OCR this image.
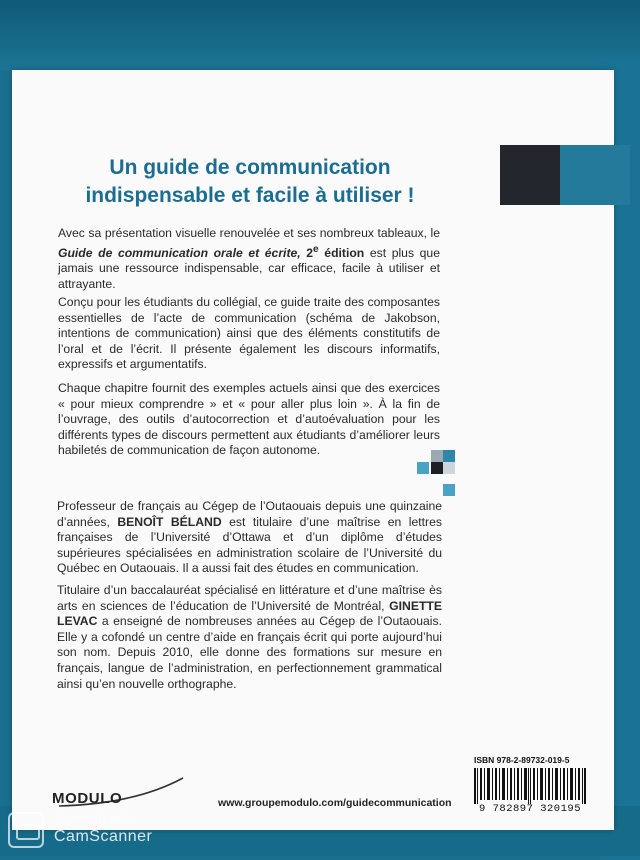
Un guide de communication
indispensable et facile à utiliser !

Avec sa présentation visuelle renouvelée et ses nombreux tableaux, le Guide de communication orale et écrite, 2e édition est plus que jamais une ressource indispensable, car efficace, facile à utiliser et attrayante.

Conçu pour les étudiants du collégial, ce guide traite des composantes essentielles de l’acte de communication (schéma de Jakobson, intentions de communication) ainsi que des éléments constitutifs de l’oral et de l’écrit. Il présente également les discours informatifs, expressifs et argumentatifs.

Chaque chapitre fournit des exemples actuels ainsi que des exercices « pour mieux comprendre » et « pour aller plus loin ». À la fin de l’ouvrage, des outils d’autocorrection et d’autoévaluation pour les différents types de discours permettent aux étudiants d’améliorer leurs habiletés de communication de façon autonome.

Professeur de français au Cégep de l’Outaouais depuis une quinzaine d’années, BENOÎT BÉLAND est titulaire d’une maîtrise en lettres françaises de l’Université d’Ottawa et d’un diplôme d’études supérieures spécialisées en administration scolaire de l’Université du Québec en Outaouais. Il a aussi fait des études en communication.

Titulaire d’un baccalauréat spécialisé en littérature et d’une maîtrise ès arts en sciences de l’éducation de l’Université de Montréal, GINETTE LEVAC a enseigné de nombreuses années au Cégep de l’Outaouais. Elle y a cofondé un centre d’aide en français écrit qui porte aujourd’hui son nom. Depuis 2010, elle donne des formations sur mesure en français, langue de l’administration, en perfectionnement grammatical ainsi qu’en nouvelle orthographe.

ISBN 978-2-89732-019-5
9 782897 320195
MODULO	www.groupemodulo.com/guidecommunication
Scanned with
CamScanner
